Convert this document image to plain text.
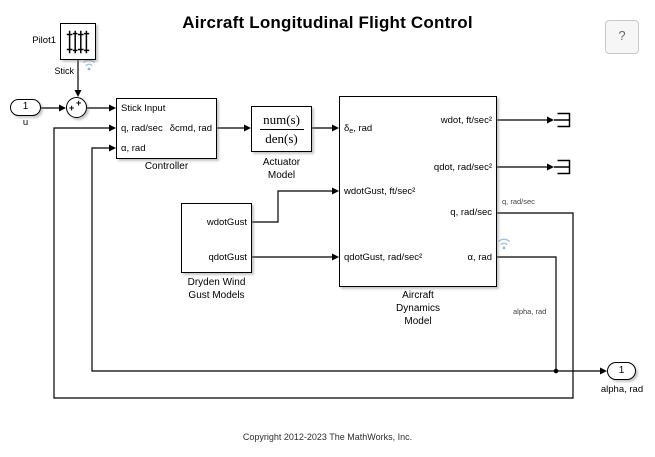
Aircraft Longitudinal Flight Control
?
Pilot1
Stick
1
u
+
+	Stick Input
q, rad/sec
α, rad
δcmd, rad
Controller
num(s)
den(s)
Actuator
Model
$\delta_e$, rad
wdotGust, ft/sec²
qdotGust, rad/sec²
wdot, ft/sec²
qdot, rad/sec²
q, rad/sec
α, rad
Aircraft
Dynamics
Model
wdotGust
qdotGust
Dryden Wind
Gust Models
q, rad/sec
alpha, rad
1
alpha, rad
Copyright 2012-2023 The MathWorks, Inc.
